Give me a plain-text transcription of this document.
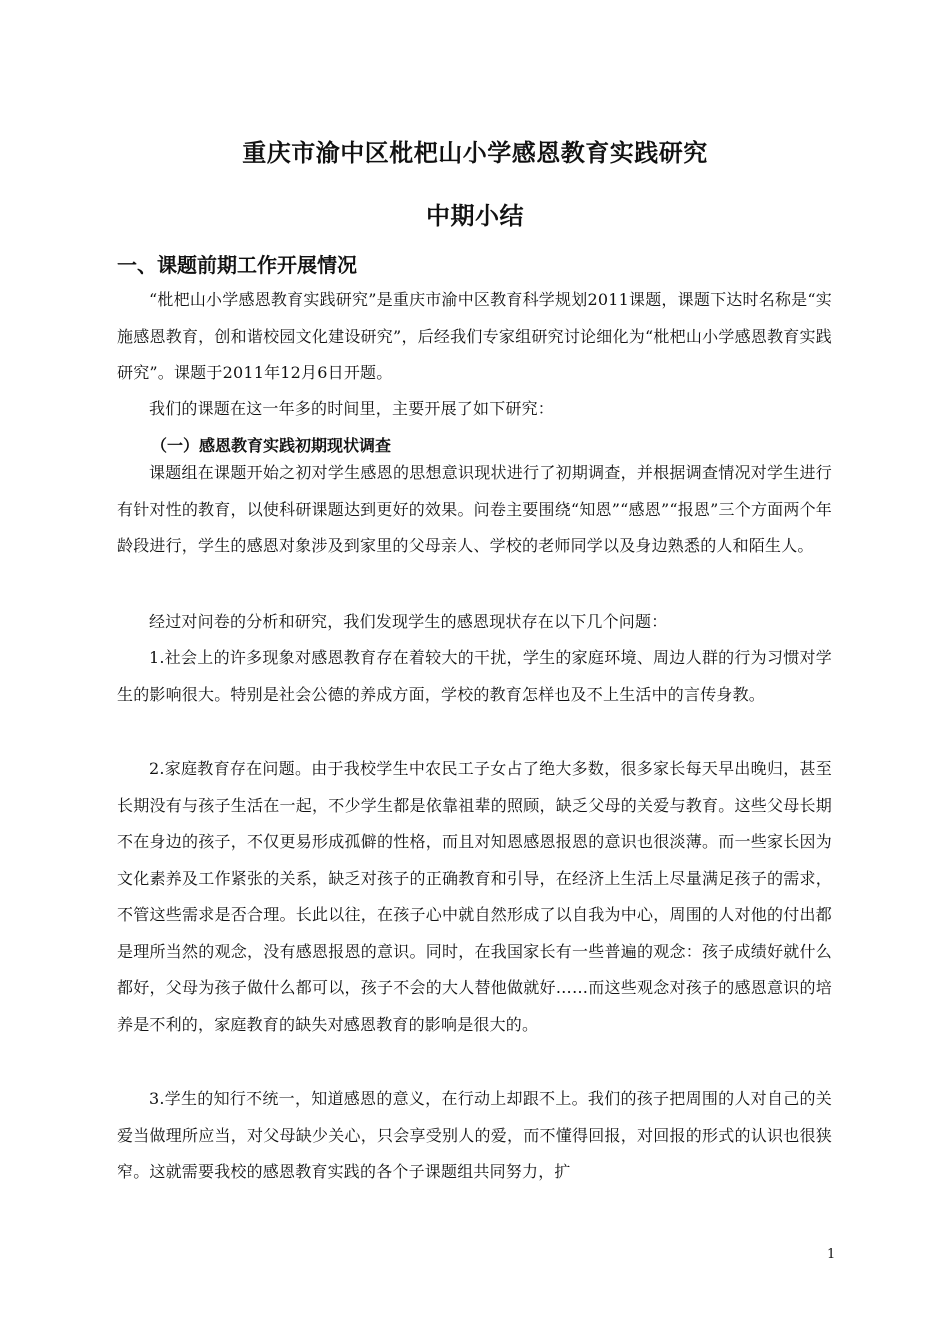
重庆市渝中区枇杷山小学感恩教育实践研究
中期小结
一、课题前期工作开展情况

“枇杷山小学感恩教育实践研究”是重庆市渝中区教育科学规划2011课题，课题下达时名称是“实施感恩教育，创和谐校园文化建设研究”，后经我们专家组研究讨论细化为“枇杷山小学感恩教育实践研究”。课题于2011年12月6日开题。

我们的课题在这一年多的时间里，主要开展了如下研究：

（一）感恩教育实践初期现状调查

课题组在课题开始之初对学生感恩的思想意识现状进行了初期调查，并根据调查情况对学生进行有针对性的教育，以使科研课题达到更好的效果。问卷主要围绕“知恩”“感恩”“报恩”三个方面两个年龄段进行，学生的感恩对象涉及到家里的父母亲人、学校的老师同学以及身边熟悉的人和陌生人。

经过对问卷的分析和研究，我们发现学生的感恩现状存在以下几个问题：

1.社会上的许多现象对感恩教育存在着较大的干扰，学生的家庭环境、周边人群的行为习惯对学生的影响很大。特别是社会公德的养成方面，学校的教育怎样也及不上生活中的言传身教。

2.家庭教育存在问题。由于我校学生中农民工子女占了绝大多数，很多家长每天早出晚归，甚至长期没有与孩子生活在一起，不少学生都是依靠祖辈的照顾，缺乏父母的关爱与教育。这些父母长期不在身边的孩子，不仅更易形成孤僻的性格，而且对知恩感恩报恩的意识也很淡薄。而一些家长因为文化素养及工作紧张的关系，缺乏对孩子的正确教育和引导，在经济上生活上尽量满足孩子的需求，不管这些需求是否合理。长此以往，在孩子心中就自然形成了以自我为中心，周围的人对他的付出都是理所当然的观念，没有感恩报恩的意识。同时，在我国家长有一些普遍的观念：孩子成绩好就什么都好，父母为孩子做什么都可以，孩子不会的大人替他做就好……而这些观念对孩子的感恩意识的培养是不利的，家庭教育的缺失对感恩教育的影响是很大的。

3.学生的知行不统一，知道感恩的意义，在行动上却跟不上。我们的孩子把周围的人对自己的关爱当做理所应当，对父母缺少关心，只会享受别人的爱，而不懂得回报，对回报的形式的认识也很狭窄。这就需要我校的感恩教育实践的各个子课题组共同努力，扩

1
